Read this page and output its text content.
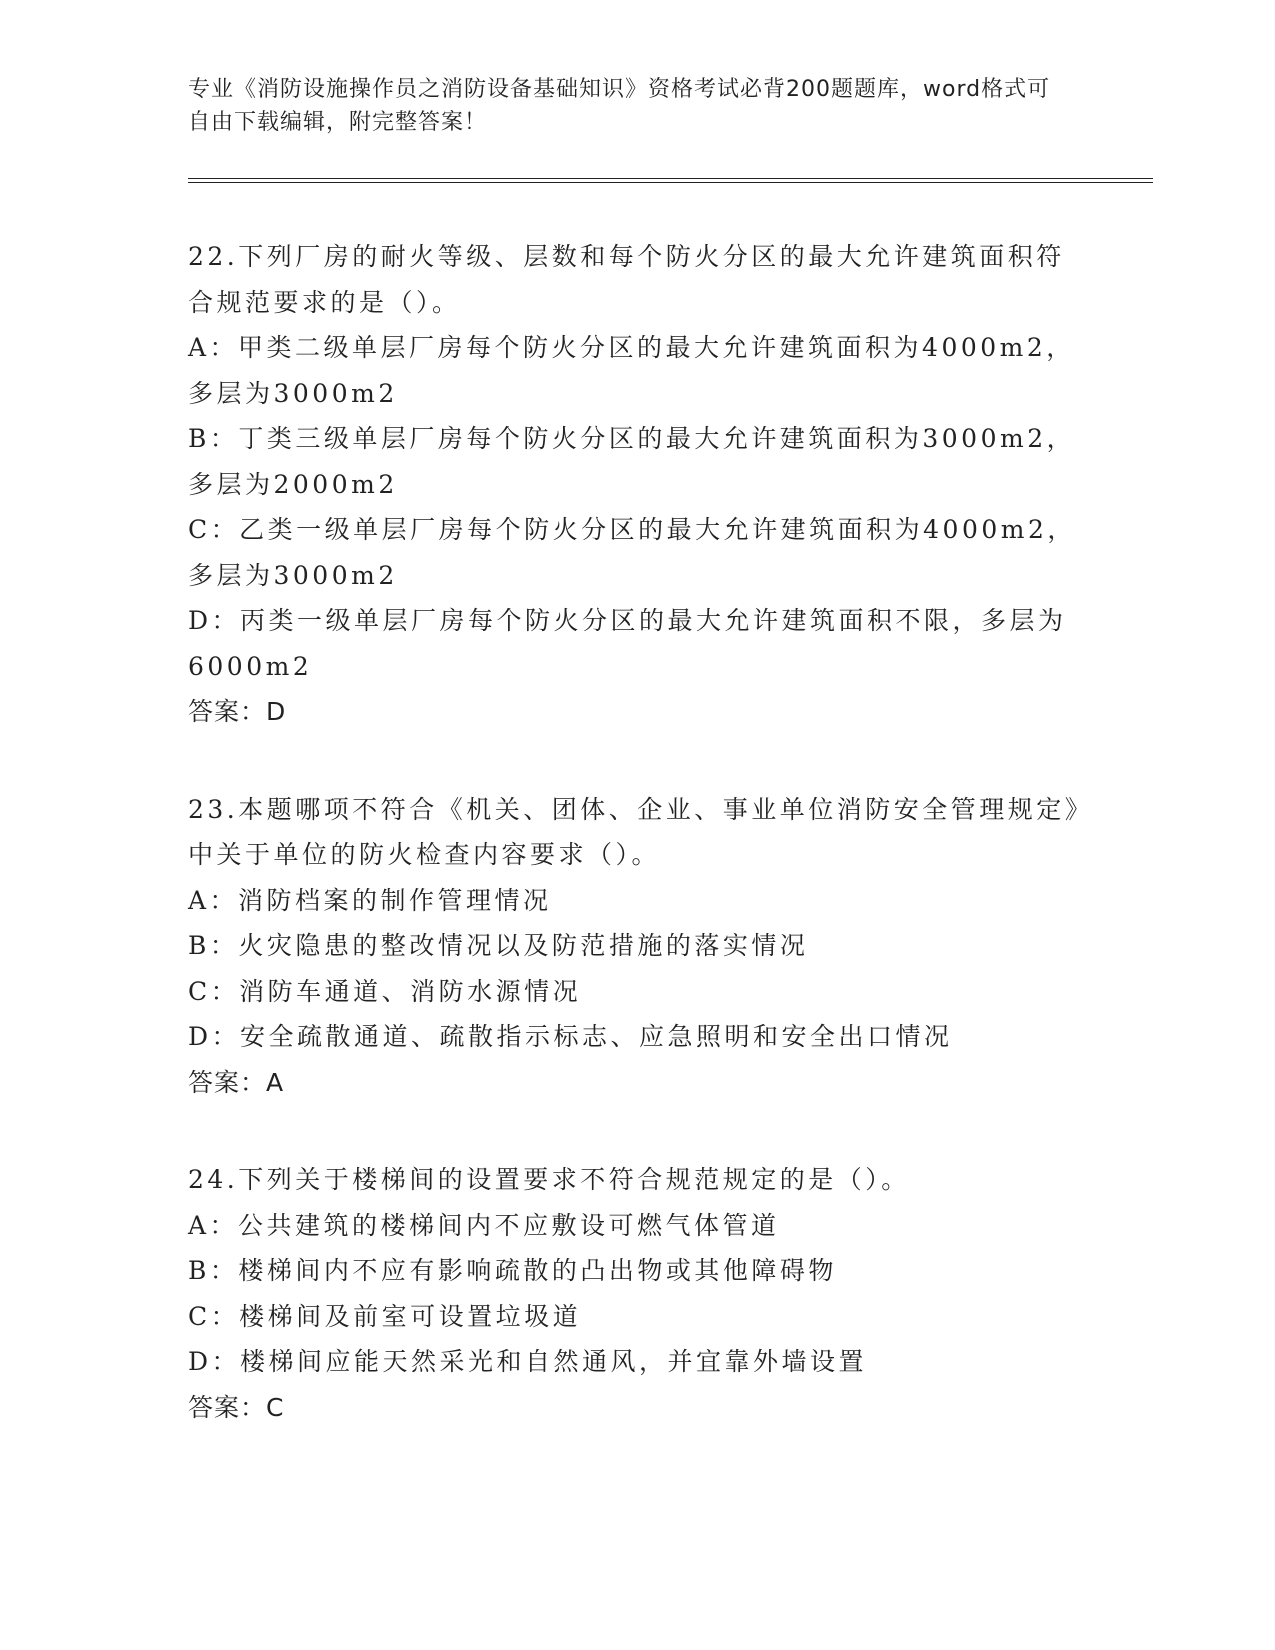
专业《消防设施操作员之消防设备基础知识》资格考试必背200题题库，word格式可自由下载编辑，附完整答案！

22.下列厂房的耐火等级、层数和每个防火分区的最大允许建筑面积符合规范要求的是（）。

A：甲类二级单层厂房每个防火分区的最大允许建筑面积为4000m2，多层为3000m2

B：丁类三级单层厂房每个防火分区的最大允许建筑面积为3000m2，多层为2000m2

C：乙类一级单层厂房每个防火分区的最大允许建筑面积为4000m2，多层为3000m2

D：丙类一级单层厂房每个防火分区的最大允许建筑面积不限，多层为6000m2

答案：D

23.本题哪项不符合《机关、团体、企业、事业单位消防安全管理规定》中关于单位的防火检查内容要求（）。

A：消防档案的制作管理情况

B：火灾隐患的整改情况以及防范措施的落实情况

C：消防车通道、消防水源情况

D：安全疏散通道、疏散指示标志、应急照明和安全出口情况

答案：A

24.下列关于楼梯间的设置要求不符合规范规定的是（）。

A：公共建筑的楼梯间内不应敷设可燃气体管道

B：楼梯间内不应有影响疏散的凸出物或其他障碍物

C：楼梯间及前室可设置垃圾道

D：楼梯间应能天然采光和自然通风，并宜靠外墙设置

答案：C
